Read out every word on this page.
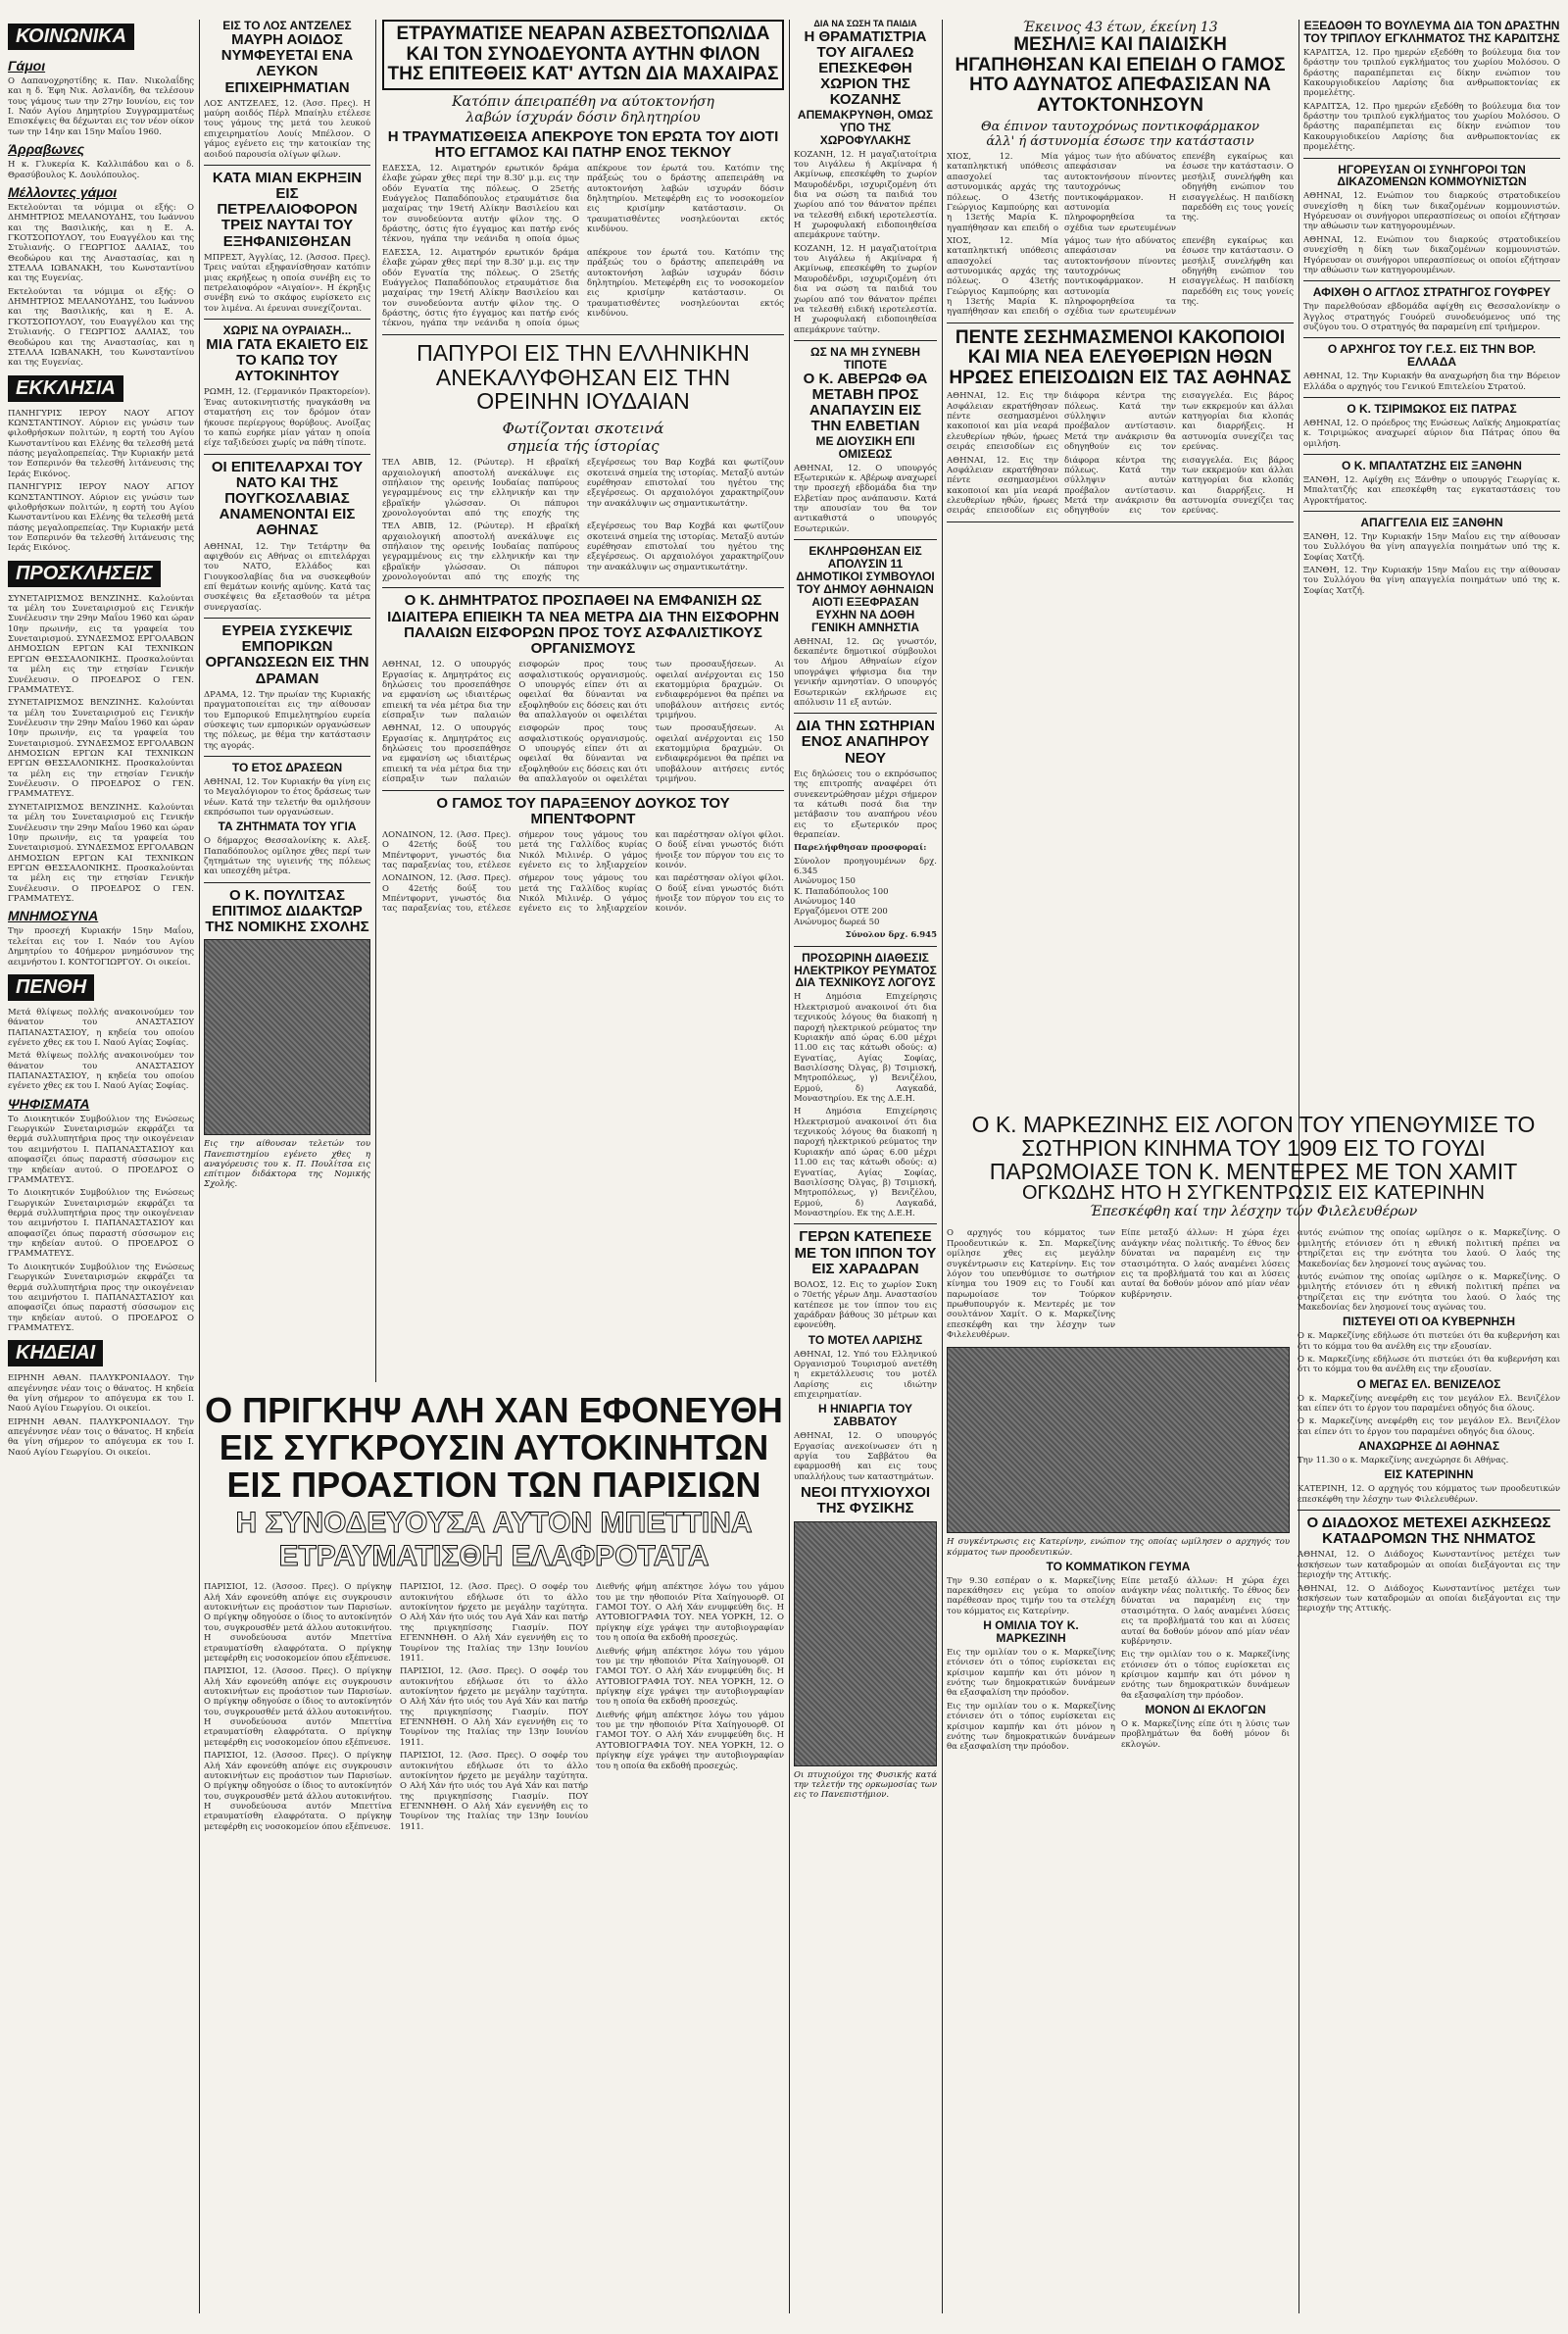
ΚΟΙΝΩΝΙΚΑ
Γάμοι

Ο Δαπανοχρηστίδης κ. Παν. Νικολαΐδης και η δ. Έφη Νικ. Ασλανίδη, θα τελέσουν τους γάμους των την 27ην Ιουνίου, εις τον Ι. Ναόν Αγίου Δημητρίου Συγγραμματέως Επισκέψεις θα δέχωνται εις τον νέον οίκον των την 14ην και 15ην Μαΐου 1960.

Άρραβωνες

Η κ. Γλυκερία Κ. Καλλιπάδου και ο δ. Θρασύβουλος Κ. Δουλόπουλος.

Μέλλοντες γάμοι

Εκτελούνται τα νόμιμα οι εξής: Ο ΔΗΜΗΤΡΙΟΣ ΜΕΛΑΝΟΥΔΗΣ, του Ιωάννου και της Βασιλικής, και η Ε. Α. ΓΚΟΤΣΟΠΟΥΛΟΥ, του Ευαγγέλου και της Στυλιανής. Ο ΓΕΩΡΓΙΟΣ ΔΑΛΙΑΣ, του Θεοδώρου και της Αναστασίας, και η ΣΤΕΛΛΑ ΙΩΒΑΝΑΚΗ, του Κωνσταντίνου και της Ευγενίας.

Εκτελούνται τα νόμιμα οι εξής: Ο ΔΗΜΗΤΡΙΟΣ ΜΕΛΑΝΟΥΔΗΣ, του Ιωάννου και της Βασιλικής, και η Ε. Α. ΓΚΟΤΣΟΠΟΥΛΟΥ, του Ευαγγέλου και της Στυλιανής. Ο ΓΕΩΡΓΙΟΣ ΔΑΛΙΑΣ, του Θεοδώρου και της Αναστασίας, και η ΣΤΕΛΛΑ ΙΩΒΑΝΑΚΗ, του Κωνσταντίνου και της Ευγενίας.

ΕΚΚΛΗΣΙΑ

ΠΑΝΗΓΥΡΙΣ ΙΕΡΟΥ ΝΑΟΥ ΑΓΙΟΥ ΚΩΝΣΤΑΝΤΙΝΟΥ. Αύριον εις γνώσιν των φιλοθρήσκων πολιτών, η εορτή του Αγίου Κωνσταντίνου και Ελένης θα τελεσθή μετά πάσης μεγαλοπρεπείας. Την Κυριακήν μετά τον Εσπερινόν θα τελεσθή λιτάνευσις της Ιεράς Εικόνος.

ΠΑΝΗΓΥΡΙΣ ΙΕΡΟΥ ΝΑΟΥ ΑΓΙΟΥ ΚΩΝΣΤΑΝΤΙΝΟΥ. Αύριον εις γνώσιν των φιλοθρήσκων πολιτών, η εορτή του Αγίου Κωνσταντίνου και Ελένης θα τελεσθή μετά πάσης μεγαλοπρεπείας. Την Κυριακήν μετά τον Εσπερινόν θα τελεσθή λιτάνευσις της Ιεράς Εικόνος.

ΠΡΟΣΚΛΗΣΕΙΣ

ΣΥΝΕΤΑΙΡΙΣΜΟΣ ΒΕΝΖΙΝΗΣ. Καλούνται τα μέλη του Συνεταιρισμού εις Γενικήν Συνέλευσιν την 29ην Μαΐου 1960 και ώραν 10ην πρωινήν, εις τα γραφεία του Συνεταιρισμού. ΣΥΝΔΕΣΜΟΣ ΕΡΓΟΛΑΒΩΝ ΔΗΜΟΣΙΩΝ ΕΡΓΩΝ ΚΑΙ ΤΕΧΝΙΚΩΝ ΕΡΓΩΝ ΘΕΣΣΑΛΟΝΙΚΗΣ. Προσκαλούνται τα μέλη εις την ετησίαν Γενικήν Συνέλευσιν. Ο ΠΡΟΕΔΡΟΣ Ο ΓΕΝ. ΓΡΑΜΜΑΤΕΥΣ.

ΣΥΝΕΤΑΙΡΙΣΜΟΣ ΒΕΝΖΙΝΗΣ. Καλούνται τα μέλη του Συνεταιρισμού εις Γενικήν Συνέλευσιν την 29ην Μαΐου 1960 και ώραν 10ην πρωινήν, εις τα γραφεία του Συνεταιρισμού. ΣΥΝΔΕΣΜΟΣ ΕΡΓΟΛΑΒΩΝ ΔΗΜΟΣΙΩΝ ΕΡΓΩΝ ΚΑΙ ΤΕΧΝΙΚΩΝ ΕΡΓΩΝ ΘΕΣΣΑΛΟΝΙΚΗΣ. Προσκαλούνται τα μέλη εις την ετησίαν Γενικήν Συνέλευσιν. Ο ΠΡΟΕΔΡΟΣ Ο ΓΕΝ. ΓΡΑΜΜΑΤΕΥΣ.

ΣΥΝΕΤΑΙΡΙΣΜΟΣ ΒΕΝΖΙΝΗΣ. Καλούνται τα μέλη του Συνεταιρισμού εις Γενικήν Συνέλευσιν την 29ην Μαΐου 1960 και ώραν 10ην πρωινήν, εις τα γραφεία του Συνεταιρισμού. ΣΥΝΔΕΣΜΟΣ ΕΡΓΟΛΑΒΩΝ ΔΗΜΟΣΙΩΝ ΕΡΓΩΝ ΚΑΙ ΤΕΧΝΙΚΩΝ ΕΡΓΩΝ ΘΕΣΣΑΛΟΝΙΚΗΣ. Προσκαλούνται τα μέλη εις την ετησίαν Γενικήν Συνέλευσιν. Ο ΠΡΟΕΔΡΟΣ Ο ΓΕΝ. ΓΡΑΜΜΑΤΕΥΣ.

ΜΝΗΜΟΣΥΝΑ

Την προσεχή Κυριακήν 15ην Μαΐου, τελείται εις τον Ι. Ναόν του Αγίου Δημητρίου το 40ήμερον μνημόσυνον της αειμνήστου Ι. ΚΟΝΤΟΓΙΩΡΓΟΥ. Οι οικείοι.

ΠΕΝΘΗ

Μετά θλίψεως πολλής ανακοινούμεν τον θάνατον του ΑΝΑΣΤΑΣΙΟΥ ΠΑΠΑΝΑΣΤΑΣΙΟΥ, η κηδεία του οποίου εγένετο χθες εκ του Ι. Ναού Αγίας Σοφίας.

Μετά θλίψεως πολλής ανακοινούμεν τον θάνατον του ΑΝΑΣΤΑΣΙΟΥ ΠΑΠΑΝΑΣΤΑΣΙΟΥ, η κηδεία του οποίου εγένετο χθες εκ του Ι. Ναού Αγίας Σοφίας.

ΨΗΦΙΣΜΑΤΑ

Το Διοικητικόν Συμβούλιον της Ενώσεως Γεωργικών Συνεταιρισμών εκφράζει τα θερμά συλλυπητήρια προς την οικογένειαν του αειμνήστου Ι. ΠΑΠΑΝΑΣΤΑΣΙΟΥ και αποφασίζει όπως παραστή σύσσωμον εις την κηδείαν αυτού. Ο ΠΡΟΕΔΡΟΣ Ο ΓΡΑΜΜΑΤΕΥΣ.

Το Διοικητικόν Συμβούλιον της Ενώσεως Γεωργικών Συνεταιρισμών εκφράζει τα θερμά συλλυπητήρια προς την οικογένειαν του αειμνήστου Ι. ΠΑΠΑΝΑΣΤΑΣΙΟΥ και αποφασίζει όπως παραστή σύσσωμον εις την κηδείαν αυτού. Ο ΠΡΟΕΔΡΟΣ Ο ΓΡΑΜΜΑΤΕΥΣ.

Το Διοικητικόν Συμβούλιον της Ενώσεως Γεωργικών Συνεταιρισμών εκφράζει τα θερμά συλλυπητήρια προς την οικογένειαν του αειμνήστου Ι. ΠΑΠΑΝΑΣΤΑΣΙΟΥ και αποφασίζει όπως παραστή σύσσωμον εις την κηδείαν αυτού. Ο ΠΡΟΕΔΡΟΣ Ο ΓΡΑΜΜΑΤΕΥΣ.

ΚΗΔΕΙΑΙ

ΕΙΡΗΝΗ ΑΘΑΝ. ΠΑΛΥΚΡΟΝΙΑΔΟΥ. Την απεγέννησε νέαν τοις ο θάνατος. Η κηδεία θα γίνη σήμερον το απόγευμα εκ του Ι. Ναού Αγίου Γεωργίου. Οι οικείοι.

ΕΙΡΗΝΗ ΑΘΑΝ. ΠΑΛΥΚΡΟΝΙΑΔΟΥ. Την απεγέννησε νέαν τοις ο θάνατος. Η κηδεία θα γίνη σήμερον το απόγευμα εκ του Ι. Ναού Αγίου Γεωργίου. Οι οικείοι.

ΕΙΣ ΤΟ ΛΟΣ ΑΝΤΖΕΛΕΣ
ΜΑΥΡΗ ΑΟΙΔΟΣ ΝΥΜΦΕΥΕΤΑΙ ΕΝΑ ΛΕΥΚΟΝ ΕΠΙΧΕΙΡΗΜΑΤΙΑΝ

ΛΟΣ ΑΝΤΖΕΛΕΣ, 12. (Άσσ. Πρες). Η μαύρη αοιδός Πέρλ Μπαίηλυ ετέλεσε τους γάμους της μετά του λευκού επιχειρηματίου Λουίς Μπέλσον. Ο γάμος εγένετο εις την κατοικίαν της αοιδού παρουσία ολίγων φίλων.

ΚΑΤΑ ΜΙΑΝ ΕΚΡΗΞΙΝ ΕΙΣ ΠΕΤΡΕΛΑΙΟΦΟΡΟΝ ΤΡΕΙΣ ΝΑΥΤΑΙ ΤΟΥ ΕΞΗΦΑΝΙΣΘΗΣΑΝ

ΜΠΡΕΣΤ, Άγγλίας, 12. (Άσσοσ. Πρες). Τρεις ναύται εξηφανίσθησαν κατόπιν μιας εκρήξεως η οποία συνέβη εις το πετρελαιοφόρον «Αιγαίον». Η έκρηξις συνέβη ενώ το σκάφος ευρίσκετο εις τον λιμένα. Αι έρευναι συνεχίζονται.

ΧΩΡΙΣ ΝΑ ΟΥΡΑΙΑΣΗ...
ΜΙΑ ΓΑΤΑ ΕΚΑΙΕΤΟ ΕΙΣ ΤΟ ΚΑΠΩ ΤΟΥ ΑΥΤΟΚΙΝΗΤΟΥ

ΡΩΜΗ, 12. (Γερμανικόν Πρακτορείον). Ένας αυτοκινητιστής ηναγκάσθη να σταματήση εις τον δρόμον όταν ήκουσε περίεργους θορύβους. Ανοίξας το καπώ ευρήκε μίαν γάταν η οποία είχε ταξιδεύσει χωρίς να πάθη τίποτε.

ΟΙ ΕΠΙΤΕΛΑΡΧΑΙ ΤΟΥ ΝΑΤΟ ΚΑΙ ΤΗΣ ΠΟΥΓΚΟΣΛΑΒΙΑΣ ΑΝΑΜΕΝΟΝΤΑΙ ΕΙΣ ΑΘΗΝΑΣ

ΑΘΗΝΑΙ, 12. Την Τετάρτην θα αφιχθούν εις Αθήνας οι επιτελάρχαι του ΝΑΤΟ, Ελλάδος και Γιουγκοσλαβίας δια να συσκεφθούν επί θεμάτων κοινής αμύνης. Κατά τας συσκέψεις θα εξετασθούν τα μέτρα συνεργασίας.

ΕΥΡΕΙΑ ΣΥΣΚΕΨΙΣ ΕΜΠΟΡΙΚΩΝ ΟΡΓΑΝΩΣΕΩΝ ΕΙΣ ΤΗΝ ΔΡΑΜΑΝ

ΔΡΑΜΑ, 12. Την πρωίαν της Κυριακής πραγματοποιείται εις την αίθουσαν του Εμπορικού Επιμελητηρίου ευρεία σύσκεψις των εμπορικών οργανώσεων της πόλεως, με θέμα την κατάστασιν της αγοράς.

ΤΟ ΕΤΟΣ ΔΡΑΣΕΩΝ

ΑΘΗΝΑΙ, 12. Τον Κυριακήν θα γίνη εις το Μεγαλόγιορον το έτος δράσεως των νέων. Κατά την τελετήν θα ομιλήσουν εκπρόσωποι των οργανώσεων.

ΤΑ ΖΗΤΗΜΑΤΑ ΤΟΥ ΥΓΙΑ

Ο δήμαρχος Θεσσαλονίκης κ. Αλεξ. Παπαδόπουλος ομίλησε χθες περί των ζητημάτων της υγιεινής της πόλεως και υπεσχέθη μέτρα.

Ο Κ. ΠΟΥΛΙΤΣΑΣ ΕΠΙΤΙΜΟΣ ΔΙΔΑΚΤΩΡ ΤΗΣ ΝΟΜΙΚΗΣ ΣΧΟΛΗΣ

Εις την αίθουσαν τελετών του Πανεπιστημίου εγένετο χθες η αναγόρευσις του κ. Π. Πουλίτσα εις επίτιμον διδάκτορα της Νομικής Σχολής.

ΕΤΡΑΥΜΑΤΙΣΕ ΝΕΑΡΑΝ ΑΣΒΕΣΤΟΠΩΛΙΔΑ ΚΑΙ ΤΟΝ ΣΥΝΟΔΕΥΟΝΤΑ ΑΥΤΗΝ ΦΙΛΟΝ ΤΗΣ ΕΠΙΤΕΘΕΙΣ ΚΑΤ' ΑΥΤΩΝ ΔΙΑ ΜΑΧΑΙΡΑΣ
Κατόπιν άπειραπέθη να αύτοκτονήση
λαβών ίσχυράν δόσιν δηλητηρίου
Η ΤΡΑΥΜΑΤΙΣΘΕΙΣΑ ΑΠΕΚΡΟΥΕ ΤΟΝ ΕΡΩΤΑ ΤΟΥ ΔΙΟΤΙ ΗΤΟ ΕΓΓΑΜΟΣ ΚΑΙ ΠΑΤΗΡ ΕΝΟΣ ΤΕΚΝΟΥ

ΕΔΕΣΣΑ, 12. Αιματηρόν ερωτικόν δράμα έλαβε χώραν χθες περί την 8.30' μ.μ. εις την οδόν Εγνατία της πόλεως. Ο 25ετής Ευάγγελος Παπαδόπουλος ετραυμάτισε δια μαχαίρας την 19ετή Αλίκην Βασιλείου και τον συνοδεύοντα αυτήν φίλον της. Ο δράστης, όστις ήτο έγγαμος και πατήρ ενός τέκνου, ηγάπα την νεάνιδα η οποία όμως απέκρουε τον έρωτά του. Κατόπιν της πράξεώς του ο δράστης απεπειράθη να αυτοκτονήση λαβών ισχυράν δόσιν δηλητηρίου. Μετεφέρθη εις το νοσοκομείον εις κρισίμην κατάστασιν. Οι τραυματισθέντες νοσηλεύονται εκτός κινδύνου.

ΕΔΕΣΣΑ, 12. Αιματηρόν ερωτικόν δράμα έλαβε χώραν χθες περί την 8.30' μ.μ. εις την οδόν Εγνατία της πόλεως. Ο 25ετής Ευάγγελος Παπαδόπουλος ετραυμάτισε δια μαχαίρας την 19ετή Αλίκην Βασιλείου και τον συνοδεύοντα αυτήν φίλον της. Ο δράστης, όστις ήτο έγγαμος και πατήρ ενός τέκνου, ηγάπα την νεάνιδα η οποία όμως απέκρουε τον έρωτά του. Κατόπιν της πράξεώς του ο δράστης απεπειράθη να αυτοκτονήση λαβών ισχυράν δόσιν δηλητηρίου. Μετεφέρθη εις το νοσοκομείον εις κρισίμην κατάστασιν. Οι τραυματισθέντες νοσηλεύονται εκτός κινδύνου.

ΠΑΠΥΡΟΙ ΕΙΣ ΤΗΝ ΕΛΛΗΝΙΚΗΝ ΑΝΕΚΑΛΥΦΘΗΣΑΝ ΕΙΣ ΤΗΝ ΟΡΕΙΝΗΝ ΙΟΥΔΑΙΑΝ
Φωτίζονται σκοτεινά
σημεία τής ίστορίας

ΤΕΛ ΑΒΙΒ, 12. (Ρώυτερ). Η εβραϊκή αρχαιολογική αποστολή ανεκάλυψε εις σπήλαιον της ορεινής Ιουδαίας παπύρους γεγραμμένους εις την ελληνικήν και την εβραϊκήν γλώσσαν. Οι πάπυροι χρονολογούνται από της εποχής της εξεγέρσεως του Βαρ Κοχβά και φωτίζουν σκοτεινά σημεία της ιστορίας. Μεταξύ αυτών ευρέθησαν επιστολαί του ηγέτου της εξεγέρσεως. Οι αρχαιολόγοι χαρακτηρίζουν την ανακάλυψιν ως σημαντικωτάτην.

ΤΕΛ ΑΒΙΒ, 12. (Ρώυτερ). Η εβραϊκή αρχαιολογική αποστολή ανεκάλυψε εις σπήλαιον της ορεινής Ιουδαίας παπύρους γεγραμμένους εις την ελληνικήν και την εβραϊκήν γλώσσαν. Οι πάπυροι χρονολογούνται από της εποχής της εξεγέρσεως του Βαρ Κοχβά και φωτίζουν σκοτεινά σημεία της ιστορίας. Μεταξύ αυτών ευρέθησαν επιστολαί του ηγέτου της εξεγέρσεως. Οι αρχαιολόγοι χαρακτηρίζουν την ανακάλυψιν ως σημαντικωτάτην.

Ο Κ. ΔΗΜΗΤΡΑΤΟΣ ΠΡΟΣΠΑΘΕΙ ΝΑ ΕΜΦΑΝΙΣΗ ΩΣ ΙΔΙΑΙΤΕΡΑ ΕΠΙΕΙΚΗ ΤΑ ΝΕΑ ΜΕΤΡΑ ΔΙΑ ΤΗΝ ΕΙΣΦΟΡΗΝ ΠΑΛΑΙΩΝ ΕΙΣΦΟΡΩΝ ΠΡΟΣ ΤΟΥΣ ΑΣΦΑΛΙΣΤΙΚΟΥΣ ΟΡΓΑΝΙΣΜΟΥΣ

ΑΘΗΝΑΙ, 12. Ο υπουργός Εργασίας κ. Δημητράτος εις δηλώσεις του προσεπάθησε να εμφανίση ως ιδιαιτέρως επιεική τα νέα μέτρα δια την είσπραξιν των παλαιών εισφορών προς τους ασφαλιστικούς οργανισμούς. Ο υπουργός είπεν ότι αι οφειλαί θα δύνανται να εξοφληθούν εις δόσεις και ότι θα απαλλαγούν οι οφειλέται των προσαυξήσεων. Αι οφειλαί ανέρχονται εις 150 εκατομμύρια δραχμών. Οι ενδιαφερόμενοι θα πρέπει να υποβάλουν αιτήσεις εντός τριμήνου.

ΑΘΗΝΑΙ, 12. Ο υπουργός Εργασίας κ. Δημητράτος εις δηλώσεις του προσεπάθησε να εμφανίση ως ιδιαιτέρως επιεική τα νέα μέτρα δια την είσπραξιν των παλαιών εισφορών προς τους ασφαλιστικούς οργανισμούς. Ο υπουργός είπεν ότι αι οφειλαί θα δύνανται να εξοφληθούν εις δόσεις και ότι θα απαλλαγούν οι οφειλέται των προσαυξήσεων. Αι οφειλαί ανέρχονται εις 150 εκατομμύρια δραχμών. Οι ενδιαφερόμενοι θα πρέπει να υποβάλουν αιτήσεις εντός τριμήνου.

Ο ΓΑΜΟΣ ΤΟΥ ΠΑΡΑΞΕΝΟΥ ΔΟΥΚΟΣ ΤΟΥ ΜΠΕΝΤΦΟΡΝΤ

ΛΟΝΔΙΝΟΝ, 12. (Άσσ. Πρες). Ο 42ετής δούξ του Μπέντφορντ, γνωστός δια τας παραξενίας του, ετέλεσε σήμερον τους γάμους του μετά της Γαλλίδος κυρίας Νικόλ Μιλινέρ. Ο γάμος εγένετο εις το ληξιαρχείον και παρέστησαν ολίγοι φίλοι. Ο δούξ είναι γνωστός διότι ήνοιξε τον πύργον του εις το κοινόν.

ΛΟΝΔΙΝΟΝ, 12. (Άσσ. Πρες). Ο 42ετής δούξ του Μπέντφορντ, γνωστός δια τας παραξενίας του, ετέλεσε σήμερον τους γάμους του μετά της Γαλλίδος κυρίας Νικόλ Μιλινέρ. Ο γάμος εγένετο εις το ληξιαρχείον και παρέστησαν ολίγοι φίλοι. Ο δούξ είναι γνωστός διότι ήνοιξε τον πύργον του εις το κοινόν.

Ο ΠΡΙΓΚΗΨ ΑΛΗ ΧΑΝ ΕΦΟΝΕΥΘΗ
ΕΙΣ ΣΥΓΚΡΟΥΣΙΝ ΑΥΤΟΚΙΝΗΤΩΝ
ΕΙΣ ΠΡΟΑΣΤΙΟΝ ΤΩΝ ΠΑΡΙΣΙΩΝ
Η ΣΥΝΟΔΕΥΟΥΣΑ ΑΥΤΟΝ ΜΠΕΤΤΙΝΑ
ΕΤΡΑΥΜΑΤΙΣΘΗ ΕΛΑΦΡΟΤΑΤΑ

ΠΑΡΙΣΙΟΙ, 12. (Άσσοσ. Πρες). Ο πρίγκηψ Αλή Χάν εφονεύθη απόψε εις συγκρουσιν αυτοκινήτων εις προάστιον των Παρισίων. Ο πρίγκηψ οδηγούσε ο ίδιος το αυτοκίνητόν του, συγκρουσθέν μετά άλλου αυτοκινήτου. Η συνοδεύουσα αυτόν Μπεττίνα ετραυματίσθη ελαφρότατα. Ο πρίγκηψ μετεφέρθη εις νοσοκομείον όπου εξέπνευσε.

ΠΑΡΙΣΙΟΙ, 12. (Άσσοσ. Πρες). Ο πρίγκηψ Αλή Χάν εφονεύθη απόψε εις συγκρουσιν αυτοκινήτων εις προάστιον των Παρισίων. Ο πρίγκηψ οδηγούσε ο ίδιος το αυτοκίνητόν του, συγκρουσθέν μετά άλλου αυτοκινήτου. Η συνοδεύουσα αυτόν Μπεττίνα ετραυματίσθη ελαφρότατα. Ο πρίγκηψ μετεφέρθη εις νοσοκομείον όπου εξέπνευσε.

ΠΑΡΙΣΙΟΙ, 12. (Άσσοσ. Πρες). Ο πρίγκηψ Αλή Χάν εφονεύθη απόψε εις συγκρουσιν αυτοκινήτων εις προάστιον των Παρισίων. Ο πρίγκηψ οδηγούσε ο ίδιος το αυτοκίνητόν του, συγκρουσθέν μετά άλλου αυτοκινήτου. Η συνοδεύουσα αυτόν Μπεττίνα ετραυματίσθη ελαφρότατα. Ο πρίγκηψ μετεφέρθη εις νοσοκομείον όπου εξέπνευσε.

ΠΑΡΙΣΙΟΙ, 12. (Άσσ. Πρες). Ο σοφέρ του αυτοκινήτου εδήλωσε ότι το άλλο αυτοκίνητον ήρχετο με μεγάλην ταχύτητα. Ο Αλή Χάν ήτο υιός του Αγά Χάν και πατήρ της πριγκηπίσσης Γιασμίν. ΠΟΥ ΕΓΕΝΝΗΘΗ. Ο Αλή Χάν εγεννήθη εις το Τουρίνον της Ιταλίας την 13ην Ιουνίου 1911.

ΠΑΡΙΣΙΟΙ, 12. (Άσσ. Πρες). Ο σοφέρ του αυτοκινήτου εδήλωσε ότι το άλλο αυτοκίνητον ήρχετο με μεγάλην ταχύτητα. Ο Αλή Χάν ήτο υιός του Αγά Χάν και πατήρ της πριγκηπίσσης Γιασμίν. ΠΟΥ ΕΓΕΝΝΗΘΗ. Ο Αλή Χάν εγεννήθη εις το Τουρίνον της Ιταλίας την 13ην Ιουνίου 1911.

ΠΑΡΙΣΙΟΙ, 12. (Άσσ. Πρες). Ο σοφέρ του αυτοκινήτου εδήλωσε ότι το άλλο αυτοκίνητον ήρχετο με μεγάλην ταχύτητα. Ο Αλή Χάν ήτο υιός του Αγά Χάν και πατήρ της πριγκηπίσσης Γιασμίν. ΠΟΥ ΕΓΕΝΝΗΘΗ. Ο Αλή Χάν εγεννήθη εις το Τουρίνον της Ιταλίας την 13ην Ιουνίου 1911.

Διεθνής φήμη απέκτησε λόγω του γάμου του με την ηθοποιόν Ρίτα Χαίηγουορθ. ΟΙ ΓΑΜΟΙ ΤΟΥ. Ο Αλή Χάν ενυμφεύθη δις. Η ΑΥΤΟΒΙΟΓΡΑΦΙΑ ΤΟΥ. ΝΕΑ ΥΟΡΚΗ, 12. Ο πρίγκηψ είχε γράψει την αυτοβιογραφίαν του η οποία θα εκδοθή προσεχώς.

Διεθνής φήμη απέκτησε λόγω του γάμου του με την ηθοποιόν Ρίτα Χαίηγουορθ. ΟΙ ΓΑΜΟΙ ΤΟΥ. Ο Αλή Χάν ενυμφεύθη δις. Η ΑΥΤΟΒΙΟΓΡΑΦΙΑ ΤΟΥ. ΝΕΑ ΥΟΡΚΗ, 12. Ο πρίγκηψ είχε γράψει την αυτοβιογραφίαν του η οποία θα εκδοθή προσεχώς.

Διεθνής φήμη απέκτησε λόγω του γάμου του με την ηθοποιόν Ρίτα Χαίηγουορθ. ΟΙ ΓΑΜΟΙ ΤΟΥ. Ο Αλή Χάν ενυμφεύθη δις. Η ΑΥΤΟΒΙΟΓΡΑΦΙΑ ΤΟΥ. ΝΕΑ ΥΟΡΚΗ, 12. Ο πρίγκηψ είχε γράψει την αυτοβιογραφίαν του η οποία θα εκδοθή προσεχώς.

ΔΙΑ ΝΑ ΣΩΣΗ ΤΑ ΠΑΙΔΙΑ
Η ΘΡΑΜΑΤΙΣΤΡΙΑ ΤΟΥ ΑΙΓΑΛΕΩ ΕΠΕΣΚΕΦΘΗ ΧΩΡΙΟΝ ΤΗΣ ΚΟΖΑΝΗΣ
ΑΠΕΜΑΚΡΥΝΘΗ, ΟΜΩΣ ΥΠΟ ΤΗΣ ΧΩΡΟΦΥΛΑΚΗΣ

ΚΟΖΑΝΗ, 12. Η μαγαζιατοίτρια του Αιγάλεω ή Ακμίναρα ή Ακμίνωφ, επεσκέφθη το χωρίον Μαυροδένδρι, ισχυριζομένη ότι δια να σώση τα παιδιά του χωρίου από τον θάνατον πρέπει να τελεσθή ειδική ιεροτελεστία. Η χωροφυλακή ειδοποιηθείσα απεμάκρυνε ταύτην.

ΚΟΖΑΝΗ, 12. Η μαγαζιατοίτρια του Αιγάλεω ή Ακμίναρα ή Ακμίνωφ, επεσκέφθη το χωρίον Μαυροδένδρι, ισχυριζομένη ότι δια να σώση τα παιδιά του χωρίου από τον θάνατον πρέπει να τελεσθή ειδική ιεροτελεστία. Η χωροφυλακή ειδοποιηθείσα απεμάκρυνε ταύτην.

ΩΣ ΝΑ ΜΗ ΣΥΝΕΒΗ ΤΙΠΟΤΕ
Ο Κ. ΑΒΕΡΩΦ ΘΑ ΜΕΤΑΒΗ ΠΡΟΣ ΑΝΑΠΑΥΣΙΝ ΕΙΣ ΤΗΝ ΕΛΒΕΤΙΑΝ
ΜΕ ΔΙΟΥΣΙΚΗ ΕΠΙ ΟΜΙΣΕΩΣ

ΑΘΗΝΑΙ, 12. Ο υπουργός Εξωτερικών κ. Αβέρωφ αναχωρεί την προσεχή εβδομάδα δια την Ελβετίαν προς ανάπαυσιν. Κατά την απουσίαν του θα τον αντικαθιστά ο υπουργός Εσωτερικών.

ΕΚΛΗΡΩΘΗΣΑΝ ΕΙΣ ΑΠΟΛΥΣΙΝ 11 ΔΗΜΟΤΙΚΟΙ ΣΥΜΒΟΥΛΟΙ ΤΟΥ ΔΗΜΟΥ ΑΘΗΝΑΙΩΝ
ΑΙΟΤΙ ΕΞΕΦΡΑΣΑΝ ΕΥΧΗΝ ΝΑ ΔΟΘΗ ΓΕΝΙΚΗ ΑΜΝΗΣΤΙΑ

ΑΘΗΝΑΙ, 12. Ως γνωστόν, δεκαπέντε δημοτικοί σύμβουλοι του Δήμου Αθηναίων είχον υπογράψει ψήφισμα δια την γενικήν αμνηστίαν. Ο υπουργός Εσωτερικών εκλήρωσε εις απόλυσιν 11 εξ αυτών.

ΔΙΑ ΤΗΝ ΣΩΤΗΡΙΑΝ ΕΝΟΣ ΑΝΑΠΗΡΟΥ ΝΕΟΥ

Εις δηλώσεις του ο εκπρόσωπος της επιτροπής αναφέρει ότι συνεκεντρώθησαν μέχρι σήμερον τα κάτωθι ποσά δια την μετάβασιν του αναπήρου νέου εις το εξωτερικόν προς θεραπείαν.

Παρελήφθησαν προσφοραί:
Σύνολον προηγουμένων δρχ. 6.345
Ανώνυμος 150
Κ. Παπαδόπουλος 100
Ανώνυμος 140
Εργαζόμενοι ΟΤΕ 200
Ανώνυμος δωρεά 50
Σύνολον δρχ. 6.945
ΠΡΟΣΩΡΙΝΗ ΔΙΑΘΕΣΙΣ ΗΛΕΚΤΡΙΚΟΥ ΡΕΥΜΑΤΟΣ ΔΙΑ ΤΕΧΝΙΚΟΥΣ ΛΟΓΟΥΣ

Η Δημόσια Επιχείρησις Ηλεκτρισμού ανακοινοί ότι δια τεχνικούς λόγους θα διακοπή η παροχή ηλεκτρικού ρεύματος την Κυριακήν από ώρας 6.00 μέχρι 11.00 εις τας κάτωθι οδούς: α) Εγνατίας, Αγίας Σοφίας, Βασιλίσσης Όλγας, β) Τσιμισκή, Μητροπόλεως, γ) Βενιζέλου, Ερμού, δ) Λαγκαδά, Μοναστηρίου. Εκ της Δ.Ε.Η.

Η Δημόσια Επιχείρησις Ηλεκτρισμού ανακοινοί ότι δια τεχνικούς λόγους θα διακοπή η παροχή ηλεκτρικού ρεύματος την Κυριακήν από ώρας 6.00 μέχρι 11.00 εις τας κάτωθι οδούς: α) Εγνατίας, Αγίας Σοφίας, Βασιλίσσης Όλγας, β) Τσιμισκή, Μητροπόλεως, γ) Βενιζέλου, Ερμού, δ) Λαγκαδά, Μοναστηρίου. Εκ της Δ.Ε.Η.

ΓΕΡΩΝ ΚΑΤΕΠΕΣΕ ΜΕ ΤΟΝ ΙΠΠΟΝ ΤΟΥ ΕΙΣ ΧΑΡΑΔΡΑΝ

ΒΟΛΟΣ, 12. Εις το χωρίον Συκη ο 70ετής γέρων Δημ. Αναστασίου κατέπεσε με τον ίππον του εις χαράδραν βάθους 30 μέτρων και εφονεύθη.

ΤΟ ΜΟΤΕΛ ΛΑΡΙΣΗΣ

ΑΘΗΝΑΙ, 12. Υπό του Ελληνικού Οργανισμού Τουρισμού ανετέθη η εκμετάλλευσις του μοτέλ Λαρίσης εις ιδιώτην επιχειρηματίαν.

Η ΗΝΙΑΡΓΙΑ ΤΟΥ ΣΑΒΒΑΤΟΥ

ΑΘΗΝΑΙ, 12. Ο υπουργός Εργασίας ανεκοίνωσεν ότι η αργία του Σαββάτου θα εφαρμοσθή και εις τους υπαλλήλους των καταστημάτων.

ΝΕΟΙ ΠΤΥΧΙΟΥΧΟΙ ΤΗΣ ΦΥΣΙΚΗΣ

Οι πτυχιούχοι της Φυσικής κατά την τελετήν της ορκωμοσίας των εις το Πανεπιστήμιον.

Έκεινος 43 έτων, έκείνη 13
ΜΕΣΗΛΙΞ ΚΑΙ ΠΑΙΔΙΣΚΗ ΗΓΑΠΗΘΗΣΑΝ ΚΑΙ ΕΠΕΙΔΗ Ο ΓΑΜΟΣ ΗΤΟ ΑΔΥΝΑΤΟΣ ΑΠΕΦΑΣΙΣΑΝ ΝΑ ΑΥΤΟΚΤΟΝΗΣΟΥΝ
Θα έπινον ταυτοχρόνως ποντικοφάρμακον
άλλ' ή άστυνομία έσωσε την κατάστασιν

ΧΙΟΣ, 12. Μία καταπληκτική υπόθεσις απασχολεί τας αστυνομικάς αρχάς της πόλεως. Ο 43ετής Γεώργιος Καμπούρης και η 13ετής Μαρία Κ. ηγαπήθησαν και επειδή ο γάμος των ήτο αδύνατος απεφάσισαν να αυτοκτονήσουν πίνοντες ταυτοχρόνως ποντικοφάρμακον. Η αστυνομία πληροφορηθείσα τα σχέδια των ερωτευμένων επενέβη εγκαίρως και έσωσε την κατάστασιν. Ο μεσήλιξ συνελήφθη και οδηγήθη ενώπιον του εισαγγελέως. Η παιδίσκη παρεδόθη εις τους γονείς της.

ΧΙΟΣ, 12. Μία καταπληκτική υπόθεσις απασχολεί τας αστυνομικάς αρχάς της πόλεως. Ο 43ετής Γεώργιος Καμπούρης και η 13ετής Μαρία Κ. ηγαπήθησαν και επειδή ο γάμος των ήτο αδύνατος απεφάσισαν να αυτοκτονήσουν πίνοντες ταυτοχρόνως ποντικοφάρμακον. Η αστυνομία πληροφορηθείσα τα σχέδια των ερωτευμένων επενέβη εγκαίρως και έσωσε την κατάστασιν. Ο μεσήλιξ συνελήφθη και οδηγήθη ενώπιον του εισαγγελέως. Η παιδίσκη παρεδόθη εις τους γονείς της.

ΠΕΝΤΕ ΣΕΣΗΜΑΣΜΕΝΟΙ ΚΑΚΟΠΟΙΟΙ ΚΑΙ ΜΙΑ ΝΕΑ ΕΛΕΥΘΕΡΙΩΝ ΗΘΩΝ ΗΡΩΕΣ ΕΠΕΙΣΟΔΙΩΝ ΕΙΣ ΤΑΣ ΑΘΗΝΑΣ

ΑΘΗΝΑΙ, 12. Εις την Ασφάλειαν εκρατήθησαν πέντε σεσημασμένοι κακοποιοί και μία νεαρά ελευθερίων ηθών, ήρωες σειράς επεισοδίων εις διάφορα κέντρα της πόλεως. Κατά την σύλληψιν αυτών προέβαλον αντίστασιν. Μετά την ανάκρισιν θα οδηγηθούν εις τον εισαγγελέα. Εις βάρος των εκκρεμούν και άλλαι κατηγορίαι δια κλοπάς και διαρρήξεις. Η αστυνομία συνεχίζει τας ερεύνας.

ΑΘΗΝΑΙ, 12. Εις την Ασφάλειαν εκρατήθησαν πέντε σεσημασμένοι κακοποιοί και μία νεαρά ελευθερίων ηθών, ήρωες σειράς επεισοδίων εις διάφορα κέντρα της πόλεως. Κατά την σύλληψιν αυτών προέβαλον αντίστασιν. Μετά την ανάκρισιν θα οδηγηθούν εις τον εισαγγελέα. Εις βάρος των εκκρεμούν και άλλαι κατηγορίαι δια κλοπάς και διαρρήξεις. Η αστυνομία συνεχίζει τας ερεύνας.

Ο Κ. ΜΑΡΚΕΖΙΝΗΣ ΕΙΣ ΛΟΓΟΝ ΤΟΥ ΥΠΕΝΘΥΜΙΣΕ ΤΟ ΣΩΤΗΡΙΟΝ ΚΙΝΗΜΑ ΤΟΥ 1909 ΕΙΣ ΤΟ ΓΟΥΔΙ
ΠΑΡΩΜΟΙΑΣΕ ΤΟΝ Κ. ΜΕΝΤΕΡΕΣ ΜΕ ΤΟΝ ΧΑΜΙΤ
ΟΓΚΩΔΗΣ ΗΤΟ Η ΣΥΓΚΕΝΤΡΩΣΙΣ ΕΙΣ ΚΑΤΕΡΙΝΗΝ
Έπεσκέφθη καί την λέσχην τών Φιλελευθέρων

Ο αρχηγός του κόμματος των Προοδευτικών κ. Σπ. Μαρκεζίνης ομίλησε χθες εις μεγάλην συγκέντρωσιν εις Κατερίνην. Εις τον λόγον του υπενθύμισε το σωτήριον κίνημα του 1909 εις το Γουδί και παρωμοίασε τον Τούρκον πρωθυπουργόν κ. Μεντερές με τον σουλτάνον Χαμίτ. Ο κ. Μαρκεζίνης επεσκέφθη και την λέσχην των Φιλελευθέρων.

Είπε μεταξύ άλλων: Η χώρα έχει ανάγκην νέας πολιτικής. Το έθνος δεν δύναται να παραμένη εις την στασιμότητα. Ο λαός αναμένει λύσεις εις τα προβλήματά του και αι λύσεις αυταί θα δοθούν μόνον από μίαν νέαν κυβέρνησιν.

Η συγκέντρωσις εις Κατερίνην, ενώπιον της οποίας ωμίλησεν ο αρχηγός του κόμματος των προοδευτικών.

ΤΟ ΚΟΜΜΑΤΙΚΟΝ ΓΕΥΜΑ

Την 9.30 εσπέραν ο κ. Μαρκεζίνης παρεκάθησεν εις γεύμα το οποίον παρέθεσαν προς τιμήν του τα στελέχη του κόμματος εις Κατερίνην.

Η ΟΜΙΛΙΑ ΤΟΥ Κ. ΜΑΡΚΕΖΙΝΗ

Εις την ομιλίαν του ο κ. Μαρκεζίνης ετόνισεν ότι ο τόπος ευρίσκεται εις κρίσιμον καμπήν και ότι μόνον η ενότης των δημοκρατικών δυνάμεων θα εξασφαλίση την πρόοδον.

Εις την ομιλίαν του ο κ. Μαρκεζίνης ετόνισεν ότι ο τόπος ευρίσκεται εις κρίσιμον καμπήν και ότι μόνον η ενότης των δημοκρατικών δυνάμεων θα εξασφαλίση την πρόοδον.

Είπε μεταξύ άλλων: Η χώρα έχει ανάγκην νέας πολιτικής. Το έθνος δεν δύναται να παραμένη εις την στασιμότητα. Ο λαός αναμένει λύσεις εις τα προβλήματά του και αι λύσεις αυταί θα δοθούν μόνον από μίαν νέαν κυβέρνησιν.

Εις την ομιλίαν του ο κ. Μαρκεζίνης ετόνισεν ότι ο τόπος ευρίσκεται εις κρίσιμον καμπήν και ότι μόνον η ενότης των δημοκρατικών δυνάμεων θα εξασφαλίση την πρόοδον.

ΜΟΝΟΝ ΔΙ ΕΚΛΟΓΩΝ

Ο κ. Μαρκεζίνης είπε ότι η λύσις των προβλημάτων θα δοθή μόνον δι εκλογών.

αυτός ενώπιον της οποίας ωμίλησε ο κ. Μαρκεζίνης. Ο ομιλητής ετόνισεν ότι η εθνική πολιτική πρέπει να στηρίζεται εις την ενότητα του λαού. Ο λαός της Μακεδονίας δεν λησμονεί τους αγώνας του.

αυτός ενώπιον της οποίας ωμίλησε ο κ. Μαρκεζίνης. Ο ομιλητής ετόνισεν ότι η εθνική πολιτική πρέπει να στηρίζεται εις την ενότητα του λαού. Ο λαός της Μακεδονίας δεν λησμονεί τους αγώνας του.

ΠΙΣΤΕΥΕΙ ΟΤΙ ΟΑ ΚΥΒΕΡΝΗΣΗ

Ο κ. Μαρκεζίνης εδήλωσε ότι πιστεύει ότι θα κυβερνήση και ότι το κόμμα του θα ανέλθη εις την εξουσίαν.

Ο κ. Μαρκεζίνης εδήλωσε ότι πιστεύει ότι θα κυβερνήση και ότι το κόμμα του θα ανέλθη εις την εξουσίαν.

Ο ΜΕΓΑΣ ΕΛ. ΒΕΝΙΖΕΛΟΣ

Ο κ. Μαρκεζίνης ανεφέρθη εις τον μεγάλον Ελ. Βενιζέλον και είπεν ότι το έργον του παραμένει οδηγός δια όλους.

Ο κ. Μαρκεζίνης ανεφέρθη εις τον μεγάλον Ελ. Βενιζέλον και είπεν ότι το έργον του παραμένει οδηγός δια όλους.

ΑΝΑΧΩΡΗΣΕ ΔΙ ΑΘΗΝΑΣ

Την 11.30 ο κ. Μαρκεζίνης ανεχώρησε δι Αθήνας.

ΕΙΣ ΚΑΤΕΡΙΝΗΝ

ΚΑΤΕΡΙΝΗ, 12. Ο αρχηγός του κόμματος των προοδευτικών επεσκέφθη την λέσχην των Φιλελευθέρων.

Ο ΔΙΑΔΟΧΟΣ ΜΕΤΕΧΕΙ ΑΣΚΗΣΕΩΣ ΚΑΤΑΔΡΟΜΩΝ ΤΗΣ ΝΗΜΑΤΟΣ

ΑΘΗΝΑΙ, 12. Ο Διάδοχος Κωνσταντίνος μετέχει των ασκήσεων των καταδρομών αι οποίαι διεξάγονται εις την περιοχήν της Αττικής.

ΑΘΗΝΑΙ, 12. Ο Διάδοχος Κωνσταντίνος μετέχει των ασκήσεων των καταδρομών αι οποίαι διεξάγονται εις την περιοχήν της Αττικής.

ΕΞΕΔΟΘΗ ΤΟ ΒΟΥΛΕΥΜΑ ΔΙΑ ΤΟΝ ΔΡΑΣΤΗΝ ΤΟΥ ΤΡΙΠΛΟΥ ΕΓΚΛΗΜΑΤΟΣ ΤΗΣ ΚΑΡΔΙΤΣΗΣ

ΚΑΡΔΙΤΣΑ, 12. Προ ημερών εξεδόθη το βούλευμα δια τον δράστην του τριπλού εγκλήματος του χωρίου Μολόσου. Ο δράστης παραπέμπεται εις δίκην ενώπιον του Κακουργιοδικείου Λαρίσης δια ανθρωποκτονίας εκ προμελέτης.

ΚΑΡΔΙΤΣΑ, 12. Προ ημερών εξεδόθη το βούλευμα δια τον δράστην του τριπλού εγκλήματος του χωρίου Μολόσου. Ο δράστης παραπέμπεται εις δίκην ενώπιον του Κακουργιοδικείου Λαρίσης δια ανθρωποκτονίας εκ προμελέτης.

ΗΓΟΡΕΥΣΑΝ ΟΙ ΣΥΝΗΓΟΡΟΙ ΤΩΝ ΔΙΚΑΖΟΜΕΝΩΝ ΚΟΜΜΟΥΝΙΣΤΩΝ

ΑΘΗΝΑΙ, 12. Ενώπιον του διαρκούς στρατοδικείου συνεχίσθη η δίκη των δικαζομένων κομμουνιστών. Ηγόρευσαν οι συνήγοροι υπερασπίσεως οι οποίοι εζήτησαν την αθώωσιν των κατηγορουμένων.

ΑΘΗΝΑΙ, 12. Ενώπιον του διαρκούς στρατοδικείου συνεχίσθη η δίκη των δικαζομένων κομμουνιστών. Ηγόρευσαν οι συνήγοροι υπερασπίσεως οι οποίοι εζήτησαν την αθώωσιν των κατηγορουμένων.

ΑΦΙΧΘΗ Ο ΑΓΓΛΟΣ ΣΤΡΑΤΗΓΟΣ ΓΟΥΦΡΕΥ

Την παρελθούσαν εβδομάδα αφίχθη εις Θεσσαλονίκην ο Άγγλος στρατηγός Γουόρεϋ συνοδευόμενος υπό της συζύγου του. Ο στρατηγός θα παραμείνη επί τριήμερον.

Ο ΑΡΧΗΓΟΣ ΤΟΥ Γ.Ε.Σ. ΕΙΣ ΤΗΝ ΒΟΡ. ΕΛΛΑΔΑ

ΑΘΗΝΑΙ, 12. Την Κυριακήν θα αναχωρήση δια την Βόρειον Ελλάδα ο αρχηγός του Γενικού Επιτελείου Στρατού.

Ο Κ. ΤΣΙΡΙΜΩΚΟΣ ΕΙΣ ΠΑΤΡΑΣ

ΑΘΗΝΑΙ, 12. Ο πρόεδρος της Ενώσεως Λαϊκής Δημοκρατίας κ. Τσιριμώκος αναχωρεί αύριον δια Πάτρας όπου θα ομιλήση.

Ο Κ. ΜΠΑΛΤΑΤΖΗΣ ΕΙΣ ΞΑΝΘΗΝ

ΞΑΝΘΗ, 12. Αφίχθη εις Ξάνθην ο υπουργός Γεωργίας κ. Μπαλτατζής και επεσκέφθη τας εγκαταστάσεις του Αγροκτήματος.

ΑΠΑΓΓΕΛΙΑ ΕΙΣ ΞΑΝΘΗΝ

ΞΑΝΘΗ, 12. Την Κυριακήν 15ην Μαΐου εις την αίθουσαν του Συλλόγου θα γίνη απαγγελία ποιημάτων υπό της κ. Σοφίας Χατζή.

ΞΑΝΘΗ, 12. Την Κυριακήν 15ην Μαΐου εις την αίθουσαν του Συλλόγου θα γίνη απαγγελία ποιημάτων υπό της κ. Σοφίας Χατζή.
